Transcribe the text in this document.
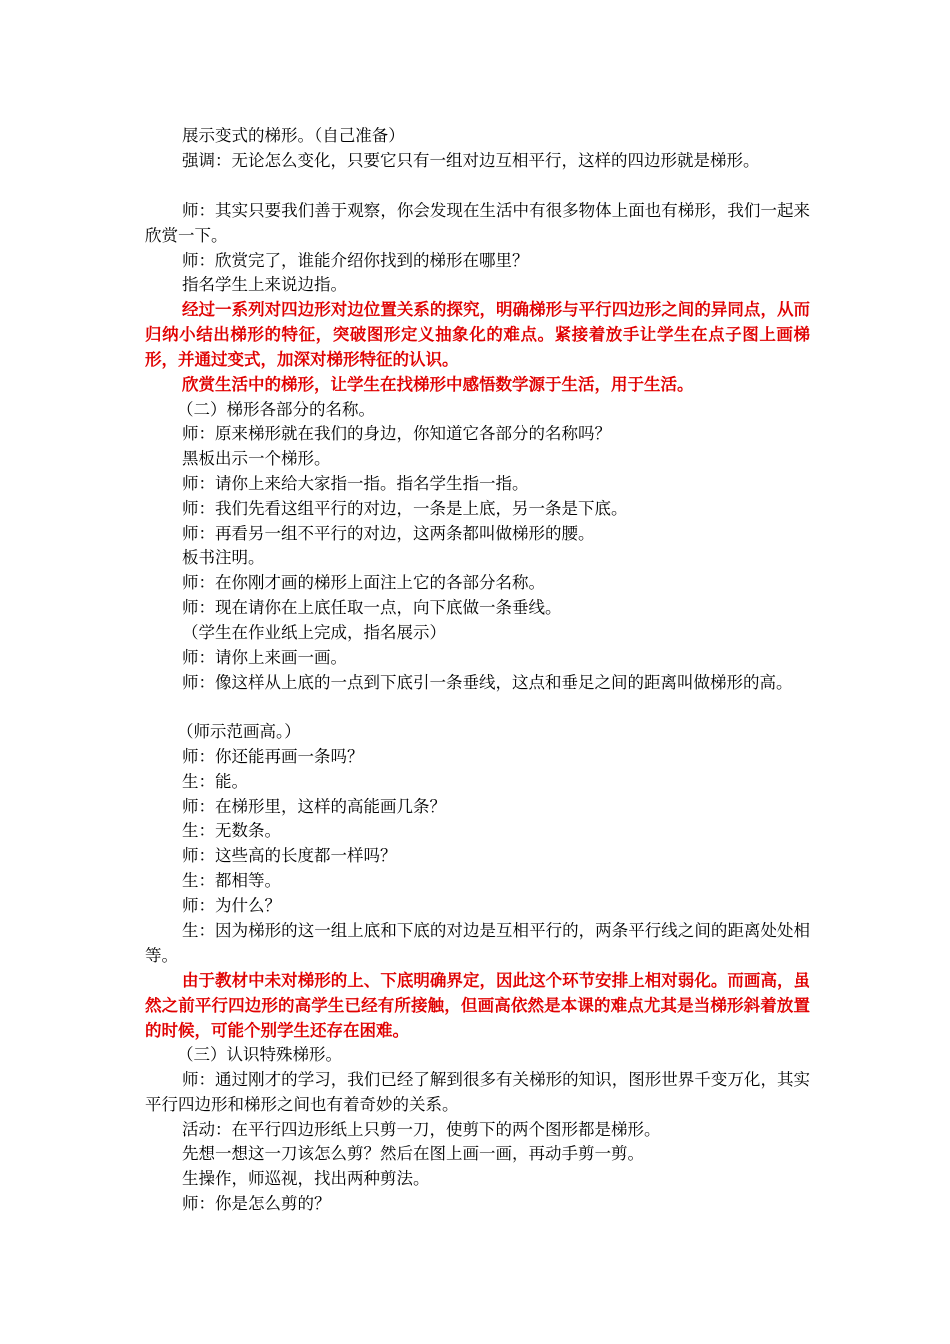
展示变式的梯形。（自己准备）

强调：无论怎么变化，只要它只有一组对边互相平行，这样的四边形就是梯形。

师：其实只要我们善于观察，你会发现在生活中有很多物体上面也有梯形，我们一起来欣赏一下。

师：欣赏完了，谁能介绍你找到的梯形在哪里？

指名学生上来说边指。

经过一系列对四边形对边位置关系的探究，明确梯形与平行四边形之间的异同点，从而归纳小结出梯形的特征，突破图形定义抽象化的难点。紧接着放手让学生在点子图上画梯形，并通过变式，加深对梯形特征的认识。

欣赏生活中的梯形，让学生在找梯形中感悟数学源于生活，用于生活。

（二）梯形各部分的名称。

师：原来梯形就在我们的身边，你知道它各部分的名称吗？

黑板出示一个梯形。

师：请你上来给大家指一指。指名学生指一指。

师：我们先看这组平行的对边，一条是上底，另一条是下底。

师：再看另一组不平行的对边，这两条都叫做梯形的腰。

板书注明。

师：在你刚才画的梯形上面注上它的各部分名称。

师：现在请你在上底任取一点，向下底做一条垂线。

（学生在作业纸上完成，指名展示）

师：请你上来画一画。

师：像这样从上底的一点到下底引一条垂线，这点和垂足之间的距离叫做梯形的高。

（师示范画高。）

师：你还能再画一条吗？

生：能。

师：在梯形里，这样的高能画几条？

生：无数条。

师：这些高的长度都一样吗？

生：都相等。

师：为什么？

生：因为梯形的这一组上底和下底的对边是互相平行的，两条平行线之间的距离处处相等。

由于教材中未对梯形的上、下底明确界定，因此这个环节安排上相对弱化。而画高，虽然之前平行四边形的高学生已经有所接触，但画高依然是本课的难点尤其是当梯形斜着放置的时候，可能个别学生还存在困难。

（三）认识特殊梯形。

师：通过刚才的学习，我们已经了解到很多有关梯形的知识，图形世界千变万化，其实平行四边形和梯形之间也有着奇妙的关系。

活动：在平行四边形纸上只剪一刀，使剪下的两个图形都是梯形。

先想一想这一刀该怎么剪？然后在图上画一画，再动手剪一剪。

生操作，师巡视，找出两种剪法。

师：你是怎么剪的？
